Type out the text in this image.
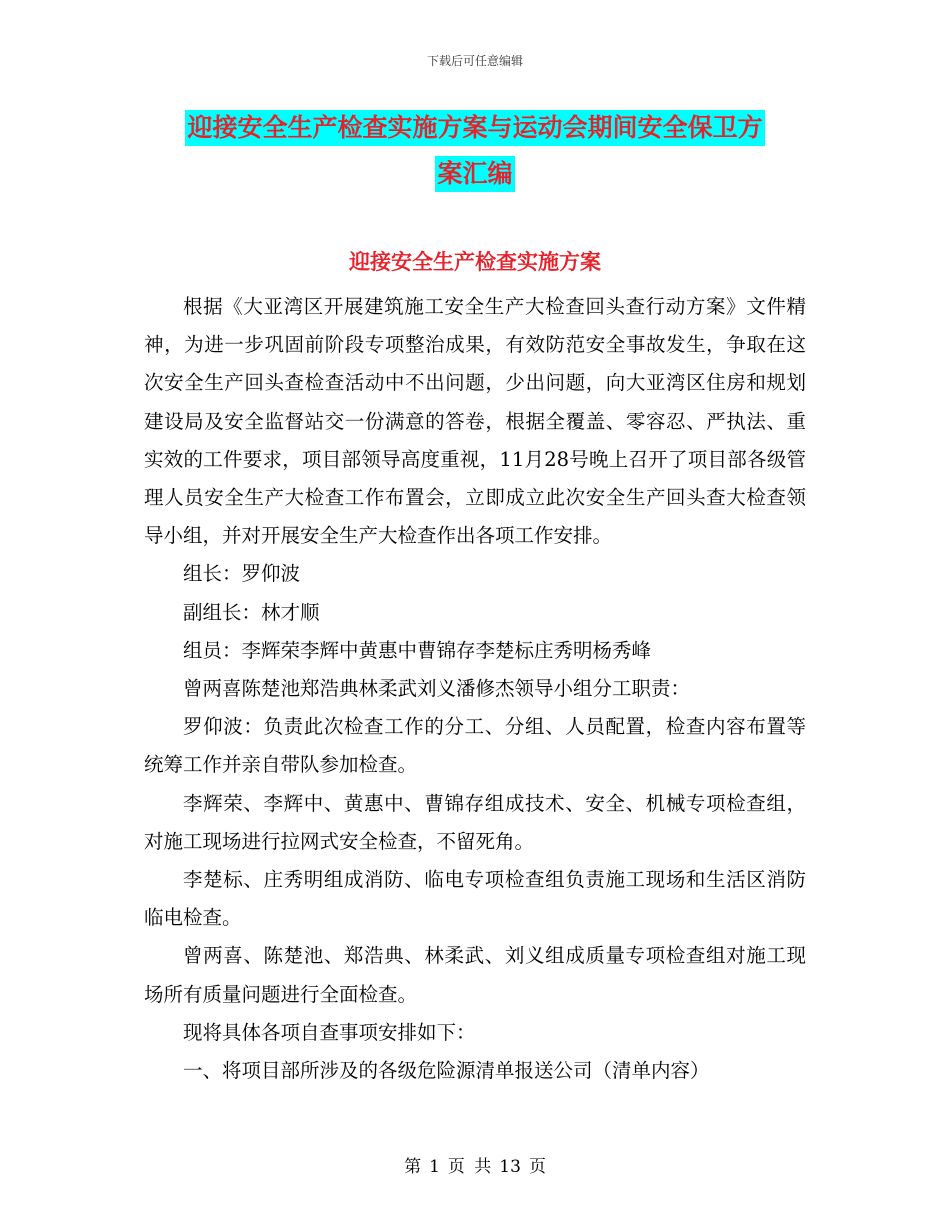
下载后可任意编辑
迎接安全生产检查实施方案与运动会期间安全保卫方
案汇编
迎接安全生产检查实施方案

根据《大亚湾区开展建筑施工安全生产大检查回头查行动方案》文件精神，为进一步巩固前阶段专项整治成果，有效防范安全事故发生，争取在这次安全生产回头查检查活动中不出问题，少出问题，向大亚湾区住房和规划建设局及安全监督站交一份满意的答卷，根据全覆盖、零容忍、严执法、重实效的工件要求，项目部领导高度重视，11月28号晚上召开了项目部各级管理人员安全生产大检查工作布置会，立即成立此次安全生产回头查大检查领导小组，并对开展安全生产大检查作出各项工作安排。

组长：罗仰波

副组长：林才顺

组员：李辉荣李辉中黄惠中曹锦存李楚标庄秀明杨秀峰

曾两喜陈楚池郑浩典林柔武刘义潘修杰领导小组分工职责：

罗仰波：负责此次检查工作的分工、分组、人员配置，检查内容布置等统筹工作并亲自带队参加检查。

李辉荣、李辉中、黄惠中、曹锦存组成技术、安全、机械专项检查组，对施工现场进行拉网式安全检查，不留死角。

李楚标、庄秀明组成消防、临电专项检查组负责施工现场和生活区消防临电检查。

曾两喜、陈楚池、郑浩典、林柔武、刘义组成质量专项检查组对施工现场所有质量问题进行全面检查。

现将具体各项自查事项安排如下：

一、将项目部所涉及的各级危险源清单报送公司（清单内容）

第 1 页 共 13 页
